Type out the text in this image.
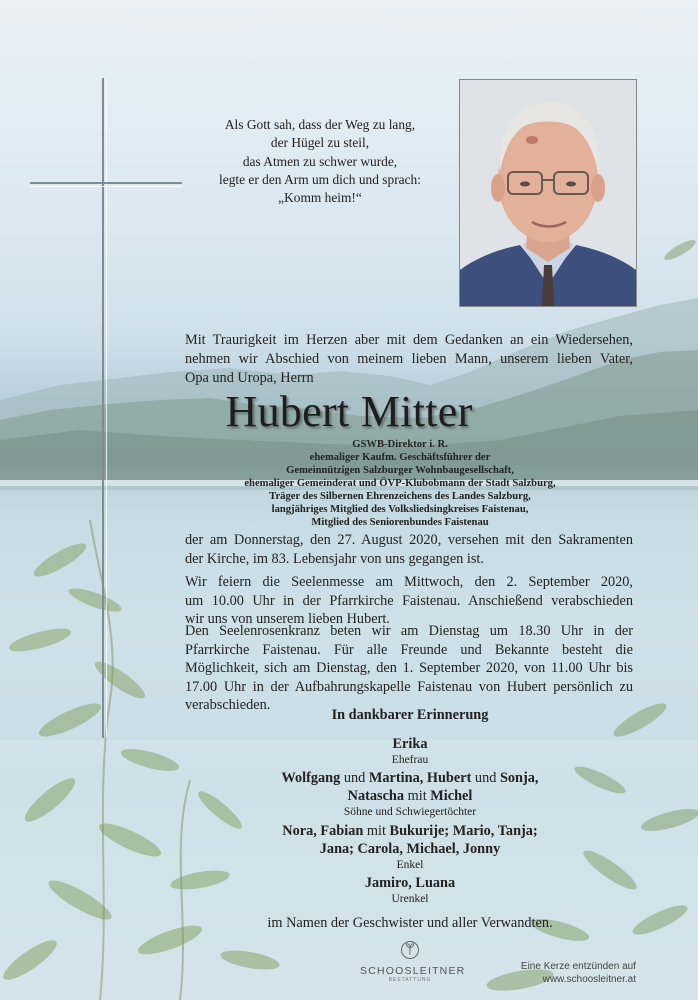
Als Gott sah, dass der Weg zu lang,
der Hügel zu steil,
das Atmen zu schwer wurde,
legte er den Arm um dich und sprach:
„Komm heim!“
Mit Traurigkeit im Herzen aber mit dem Gedanken an ein Wiedersehen,
nehmen wir Abschied von meinem lieben Mann, unserem lieben Vater,
Opa und Uropa, Herrn
Hubert Mitter
GSWB-Direktor i. R.
ehemaliger Kaufm. Geschäftsführer der
Gemeinnützigen Salzburger Wohnbaugesellschaft,
ehemaliger Gemeinderat und ÖVP-Klubobmann der Stadt Salzburg,
Träger des Silbernen Ehrenzeichens des Landes Salzburg,
langjähriges Mitglied des Volksliedsingkreises Faistenau,
Mitglied des Seniorenbundes Faistenau
der am Donnerstag, den 27. August 2020, versehen mit den Sakramenten
der Kirche, im 83. Lebensjahr von uns gegangen ist.
Wir feiern die Seelenmesse am Mittwoch, den 2. September 2020,
um 10.00 Uhr in der Pfarrkirche Faistenau. Anschießend verabschieden
wir uns von unserem lieben Hubert.
Den Seelenrosenkranz beten wir am Dienstag um 18.30 Uhr in der
Pfarrkirche Faistenau. Für alle Freunde und Bekannte besteht die
Möglichkeit, sich am Dienstag, den 1. September 2020, von 11.00 Uhr bis
17.00 Uhr in der Aufbahrungskapelle Faistenau von Hubert persönlich zu
verabschieden.
In dankbarer Erinnerung
Erika
Ehefrau
Wolfgang und Martina, Hubert und Sonja,
Natascha mit Michel
Söhne und Schwiegertöchter
Nora, Fabian mit Bukurije; Mario, Tanja;
Jana; Carola, Michael, Jonny
Enkel
Jamiro, Luana
Urenkel
im Namen der Geschwister und aller Verwandten.
SCHOOSLEITNER
BESTATTUNG
Eine Kerze entzünden auf
www.schoosleitner.at
